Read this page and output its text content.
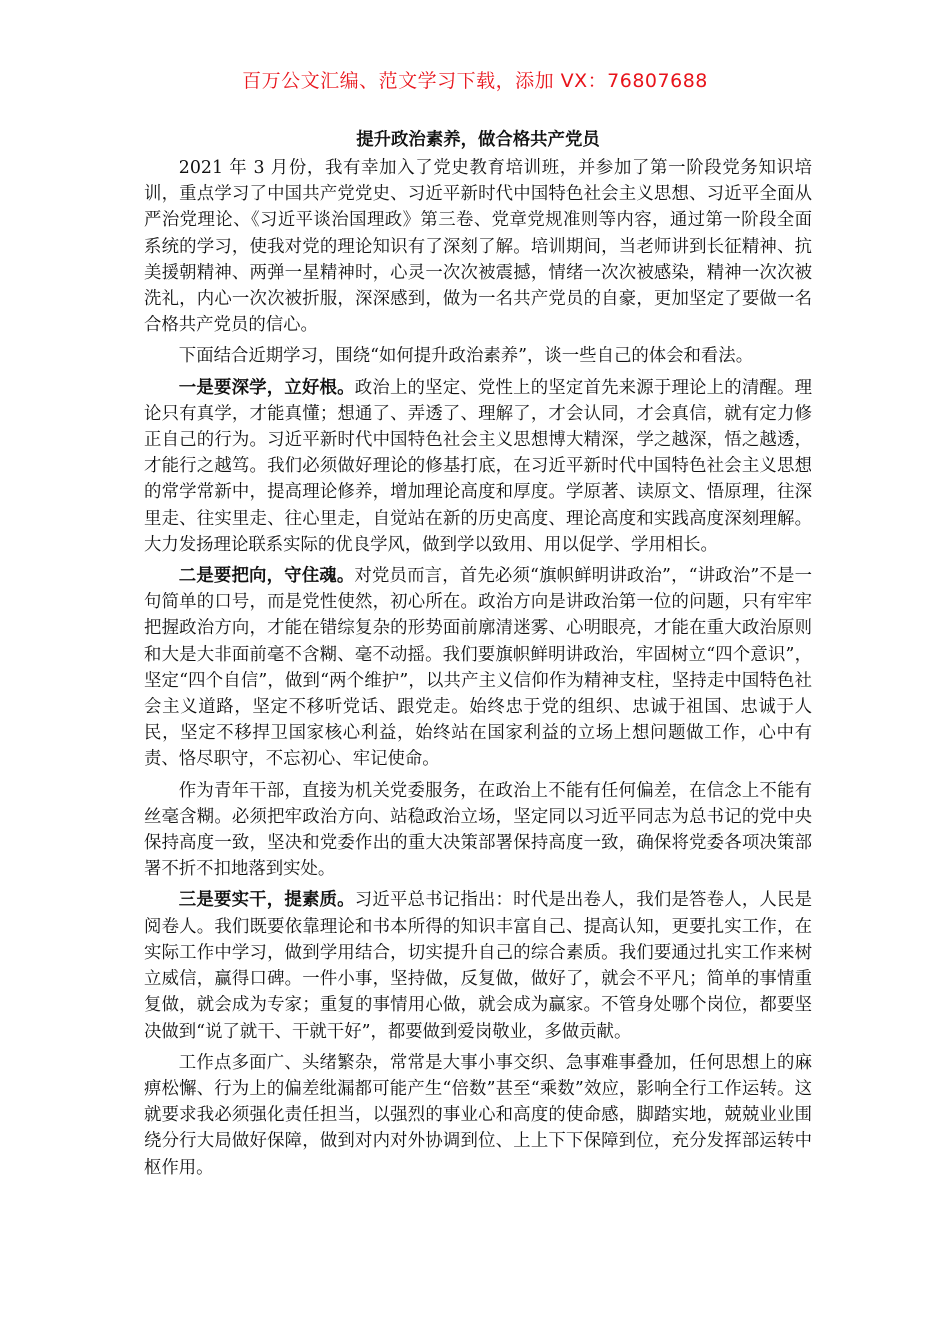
百万公文汇编、范文学习下载，添加 VX：76807688
提升政治素养，做合格共产党员

2021 年 3 月份，我有幸加入了党史教育培训班，并参加了第一阶段党务知识培训，重点学习了中国共产党党史、习近平新时代中国特色社会主义思想、习近平全面从严治党理论、《习近平谈治国理政》第三卷、党章党规准则等内容，通过第一阶段全面系统的学习，使我对党的理论知识有了深刻了解。培训期间，当老师讲到长征精神、抗美援朝精神、两弹一星精神时，心灵一次次被震撼，情绪一次次被感染，精神一次次被洗礼，内心一次次被折服，深深感到，做为一名共产党员的自豪，更加坚定了要做一名合格共产党员的信心。

下面结合近期学习，围绕“如何提升政治素养”，谈一些自己的体会和看法。

一是要深学，立好根。政治上的坚定、党性上的坚定首先来源于理论上的清醒。理论只有真学，才能真懂；想通了、弄透了、理解了，才会认同，才会真信，就有定力修正自己的行为。习近平新时代中国特色社会主义思想博大精深，学之越深，悟之越透，才能行之越笃。我们必须做好理论的修基打底，在习近平新时代中国特色社会主义思想的常学常新中，提高理论修养，增加理论高度和厚度。学原著、读原文、悟原理，往深里走、往实里走、往心里走，自觉站在新的历史高度、理论高度和实践高度深刻理解。大力发扬理论联系实际的优良学风，做到学以致用、用以促学、学用相长。

二是要把向，守住魂。对党员而言，首先必须“旗帜鲜明讲政治”，“讲政治”不是一句简单的口号，而是党性使然，初心所在。政治方向是讲政治第一位的问题，只有牢牢把握政治方向，才能在错综复杂的形势面前廓清迷雾、心明眼亮，才能在重大政治原则和大是大非面前毫不含糊、毫不动摇。我们要旗帜鲜明讲政治，牢固树立“四个意识”，坚定“四个自信”，做到“两个维护”，以共产主义信仰作为精神支柱，坚持走中国特色社会主义道路，坚定不移听党话、跟党走。始终忠于党的组织、忠诚于祖国、忠诚于人民，坚定不移捍卫国家核心利益，始终站在国家利益的立场上想问题做工作，心中有责、恪尽职守，不忘初心、牢记使命。

作为青年干部，直接为机关党委服务，在政治上不能有任何偏差，在信念上不能有丝毫含糊。必须把牢政治方向、站稳政治立场，坚定同以习近平同志为总书记的党中央保持高度一致，坚决和党委作出的重大决策部署保持高度一致，确保将党委各项决策部署不折不扣地落到实处。

三是要实干，提素质。习近平总书记指出：时代是出卷人，我们是答卷人，人民是阅卷人。我们既要依靠理论和书本所得的知识丰富自己、提高认知，更要扎实工作，在实际工作中学习，做到学用结合，切实提升自己的综合素质。我们要通过扎实工作来树立威信，赢得口碑。一件小事，坚持做，反复做，做好了，就会不平凡；简单的事情重复做，就会成为专家；重复的事情用心做，就会成为赢家。不管身处哪个岗位，都要坚决做到“说了就干、干就干好”，都要做到爱岗敬业，多做贡献。

工作点多面广、头绪繁杂，常常是大事小事交织、急事难事叠加，任何思想上的麻痹松懈、行为上的偏差纰漏都可能产生“倍数”甚至“乘数”效应，影响全行工作运转。这就要求我必须强化责任担当，以强烈的事业心和高度的使命感，脚踏实地，兢兢业业围绕分行大局做好保障，做到对内对外协调到位、上上下下保障到位，充分发挥部运转中枢作用。
